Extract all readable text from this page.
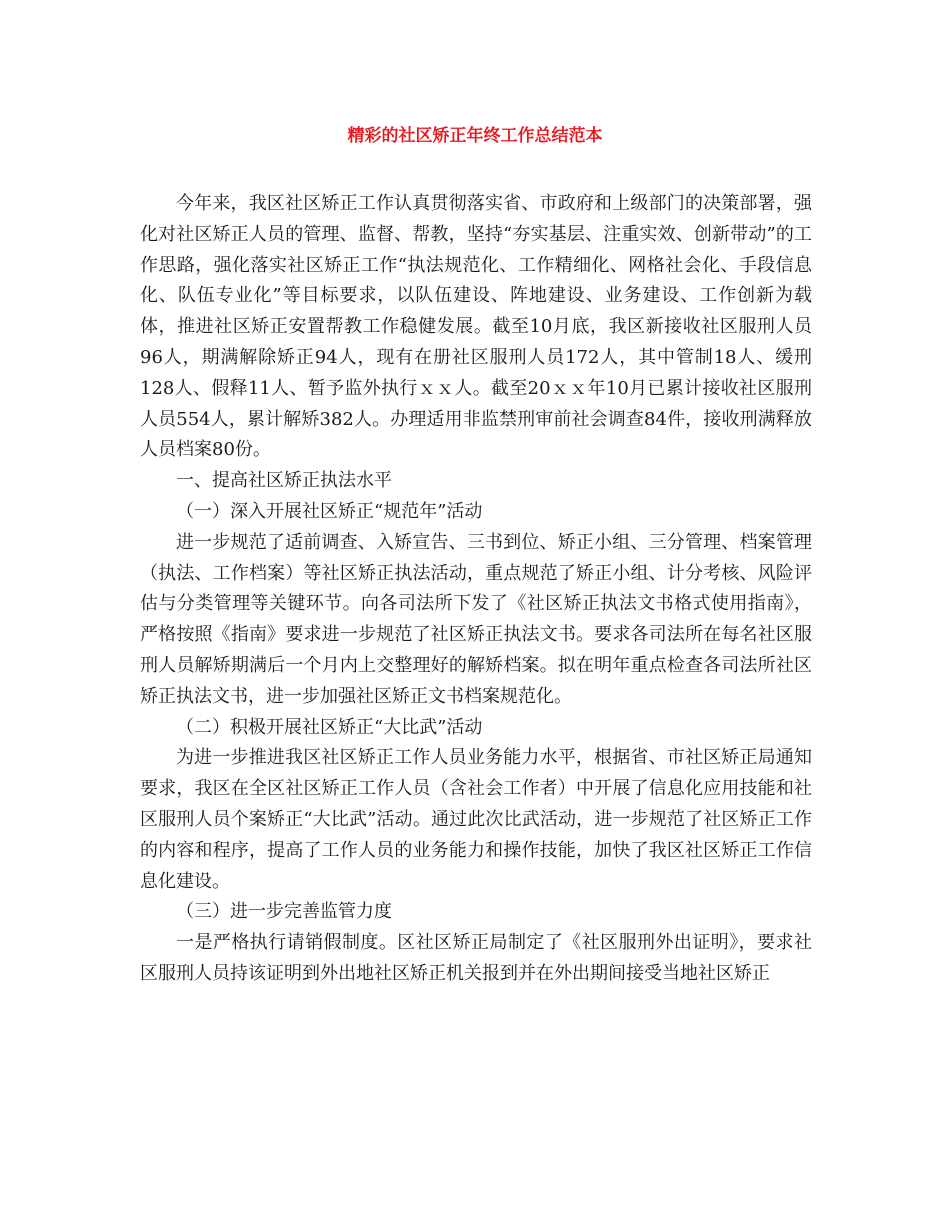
精彩的社区矫正年终工作总结范本

今年来，我区社区矫正工作认真贯彻落实省、市政府和上级部门的决策部署，强化对社区矫正人员的管理、监督、帮教，坚持“夯实基层、注重实效、创新带动”的工作思路，强化落实社区矫正工作“执法规范化、工作精细化、网格社会化、手段信息化、队伍专业化”等目标要求，以队伍建设、阵地建设、业务建设、工作创新为载体，推进社区矫正安置帮教工作稳健发展。截至10月底，我区新接收社区服刑人员96人，期满解除矫正94人，现有在册社区服刑人员172人，其中管制18人、缓刑128人、假释11人、暂予监外执行ｘｘ人。截至20ｘｘ年10月已累计接收社区服刑人员554人，累计解矫382人。办理适用非监禁刑审前社会调查84件，接收刑满释放人员档案80份。

一、提高社区矫正执法水平

（一）深入开展社区矫正“规范年”活动

进一步规范了适前调查、入矫宣告、三书到位、矫正小组、三分管理、档案管理（执法、工作档案）等社区矫正执法活动，重点规范了矫正小组、计分考核、风险评估与分类管理等关键环节。向各司法所下发了《社区矫正执法文书格式使用指南》，严格按照《指南》要求进一步规范了社区矫正执法文书。要求各司法所在每名社区服刑人员解矫期满后一个月内上交整理好的解矫档案。拟在明年重点检查各司法所社区矫正执法文书，进一步加强社区矫正文书档案规范化。

（二）积极开展社区矫正“大比武”活动

为进一步推进我区社区矫正工作人员业务能力水平，根据省、市社区矫正局通知要求，我区在全区社区矫正工作人员（含社会工作者）中开展了信息化应用技能和社区服刑人员个案矫正“大比武”活动。通过此次比武活动，进一步规范了社区矫正工作的内容和程序，提高了工作人员的业务能力和操作技能，加快了我区社区矫正工作信息化建设。

（三）进一步完善监管力度

一是严格执行请销假制度。区社区矫正局制定了《社区服刑外出证明》，要求社区服刑人员持该证明到外出地社区矫正机关报到并在外出期间接受当地社区矫正
